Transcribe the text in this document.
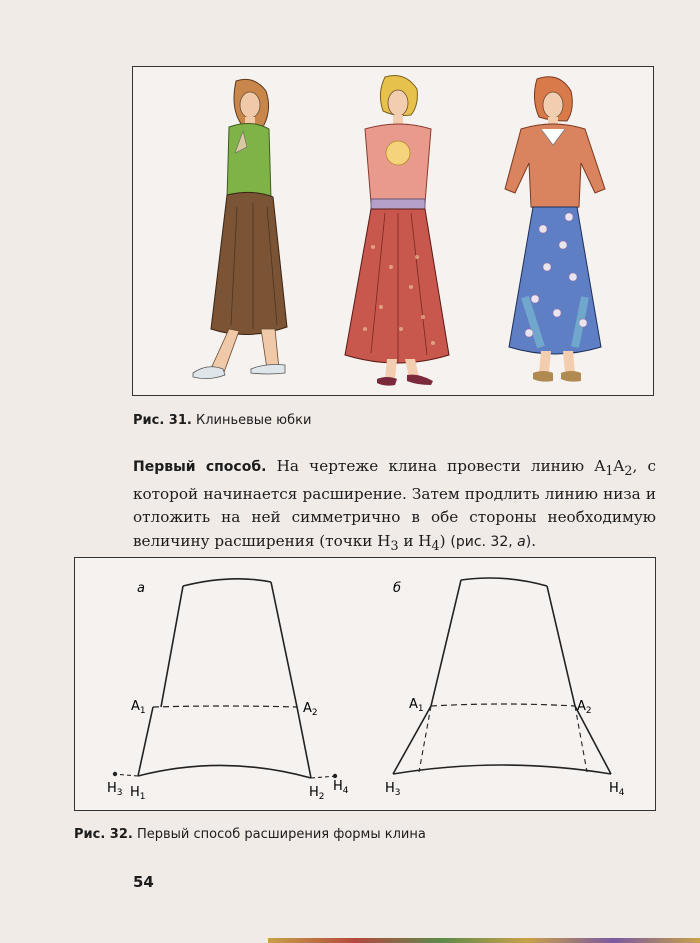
Рис. 31. Клиньевые юбки

Первый способ. На чертеже клина провести линию $A_1A_2$, с которой начинается расширение. Затем продлить линию низа и отложить на ней симметрично в обе стороны необходимую величину расширения (точки $H_3$ и $H_4$) (рис. 32, а).

а
$A_1$	$A_2$
$H_3$ $H_1$	$H_2$
$H_4$
б
$A_1$	$A_2$
$H_3$	$H_4$
Рис. 32. Первый способ расширения формы клина
54
